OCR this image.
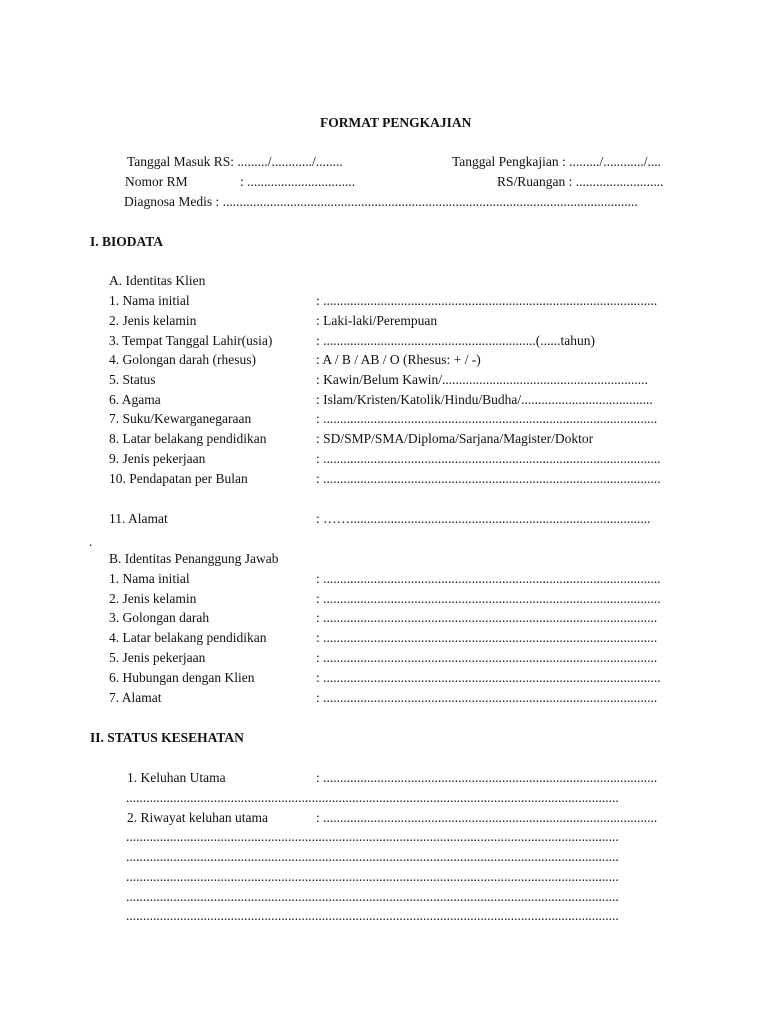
FORMAT PENGKAJIAN
Tanggal Masuk RS: ........./............/........	Tanggal Pengkajian : ........./............/....
Nomor RM	: ................................	RS/Ruangan : ..........................
Diagnosa Medis : ...........................................................................................................................
I. BIODATA
A. Identitas Klien
1. Nama initial	: ...................................................................................................
2. Jenis kelamin	: Laki-laki/Perempuan
3. Tempat Tanggal Lahir(usia)	: ...............................................................(......tahun)
4. Golongan darah (rhesus)	: A / B / AB / O (Rhesus: + / -)
5. Status	: Kawin/Belum Kawin/.............................................................
6. Agama	: Islam/Kristen/Katolik/Hindu/Budha/.......................................
7. Suku/Kewarganegaraan	: ...................................................................................................
8. Latar belakang pendidikan	: SD/SMP/SMA/Diploma/Sarjana/Magister/Doktor
9. Jenis pekerjaan	: ....................................................................................................
10. Pendapatan per Bulan	: ....................................................................................................
11. Alamat	: …….........................................................................................
.
B. Identitas Penanggung Jawab
1. Nama initial	: ....................................................................................................
2. Jenis kelamin	: ....................................................................................................
3. Golongan darah	: ...................................................................................................
4. Latar belakang pendidikan	: ...................................................................................................
5. Jenis pekerjaan	: ...................................................................................................
6. Hubungan dengan Klien	: ....................................................................................................
7. Alamat	: ...................................................................................................
II. STATUS KESEHATAN
1. Keluhan Utama	: ...................................................................................................
..................................................................................................................................................
2. Riwayat keluhan utama	: ...................................................................................................
..................................................................................................................................................
..................................................................................................................................................
..................................................................................................................................................
..................................................................................................................................................
..................................................................................................................................................
